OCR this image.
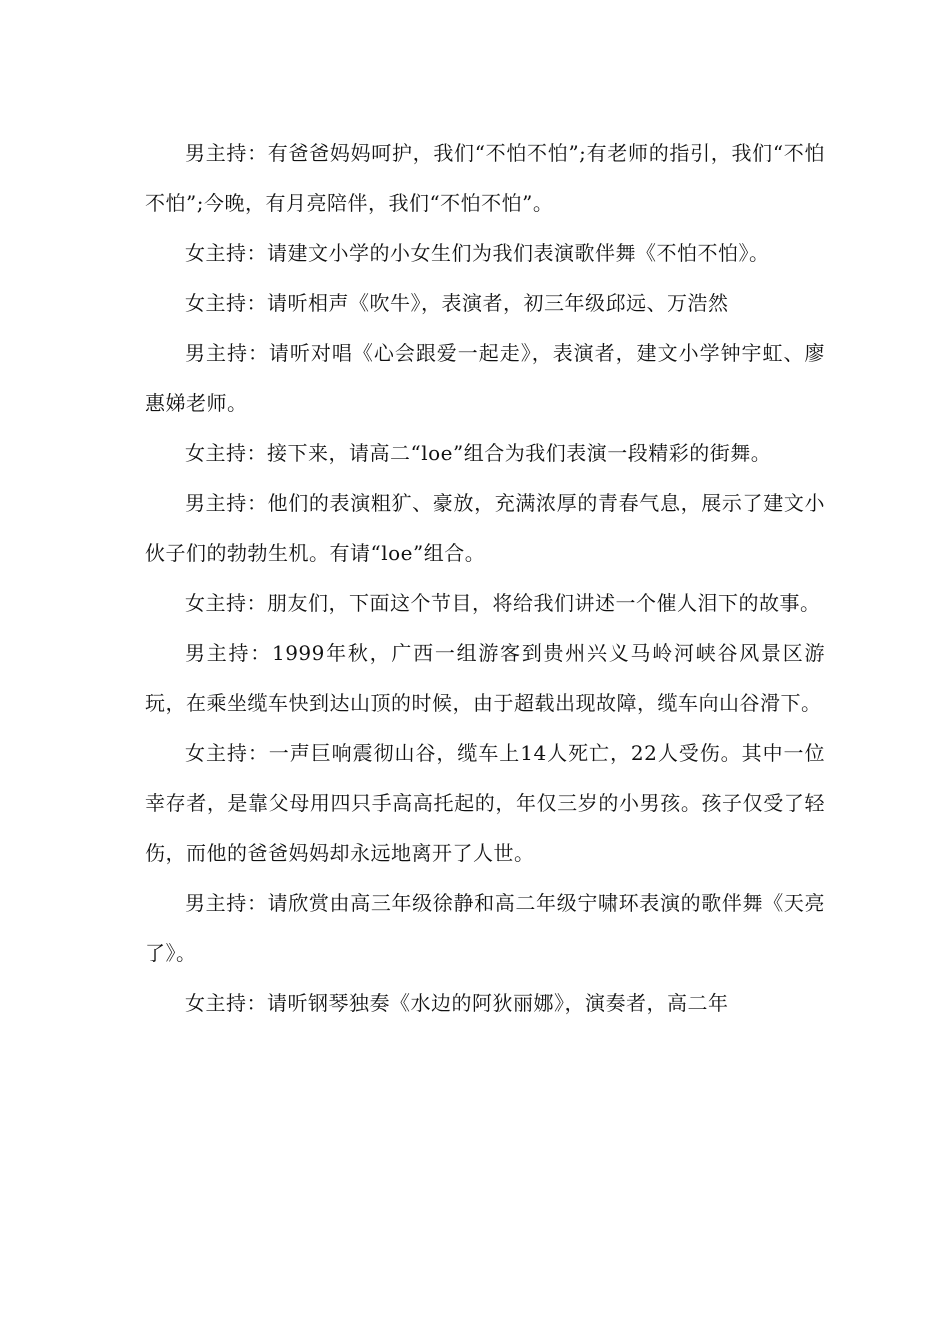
男主持：有爸爸妈妈呵护，我们“不怕不怕”;有老师的指引，我们“不怕不怕”;今晚，有月亮陪伴，我们“不怕不怕”。

女主持：请建文小学的小女生们为我们表演歌伴舞《不怕不怕》。

女主持：请听相声《吹牛》，表演者，初三年级邱远、万浩然

男主持：请听对唱《心会跟爱一起走》，表演者，建文小学钟宇虹、廖惠娣老师。

女主持：接下来，请高二“loe”组合为我们表演一段精彩的街舞。

男主持：他们的表演粗犷、豪放，充满浓厚的青春气息，展示了建文小伙子们的勃勃生机。有请“loe”组合。

女主持：朋友们，下面这个节目，将给我们讲述一个催人泪下的故事。

男主持：1999年秋，广西一组游客到贵州兴义马岭河峡谷风景区游玩，在乘坐缆车快到达山顶的时候，由于超载出现故障，缆车向山谷滑下。

女主持：一声巨响震彻山谷，缆车上14人死亡，22人受伤。其中一位幸存者，是靠父母用四只手高高托起的，年仅三岁的小男孩。孩子仅受了轻伤，而他的爸爸妈妈却永远地离开了人世。

男主持：请欣赏由高三年级徐静和高二年级宁啸环表演的歌伴舞《天亮了》。

女主持：请听钢琴独奏《水边的阿狄丽娜》，演奏者，高二年
